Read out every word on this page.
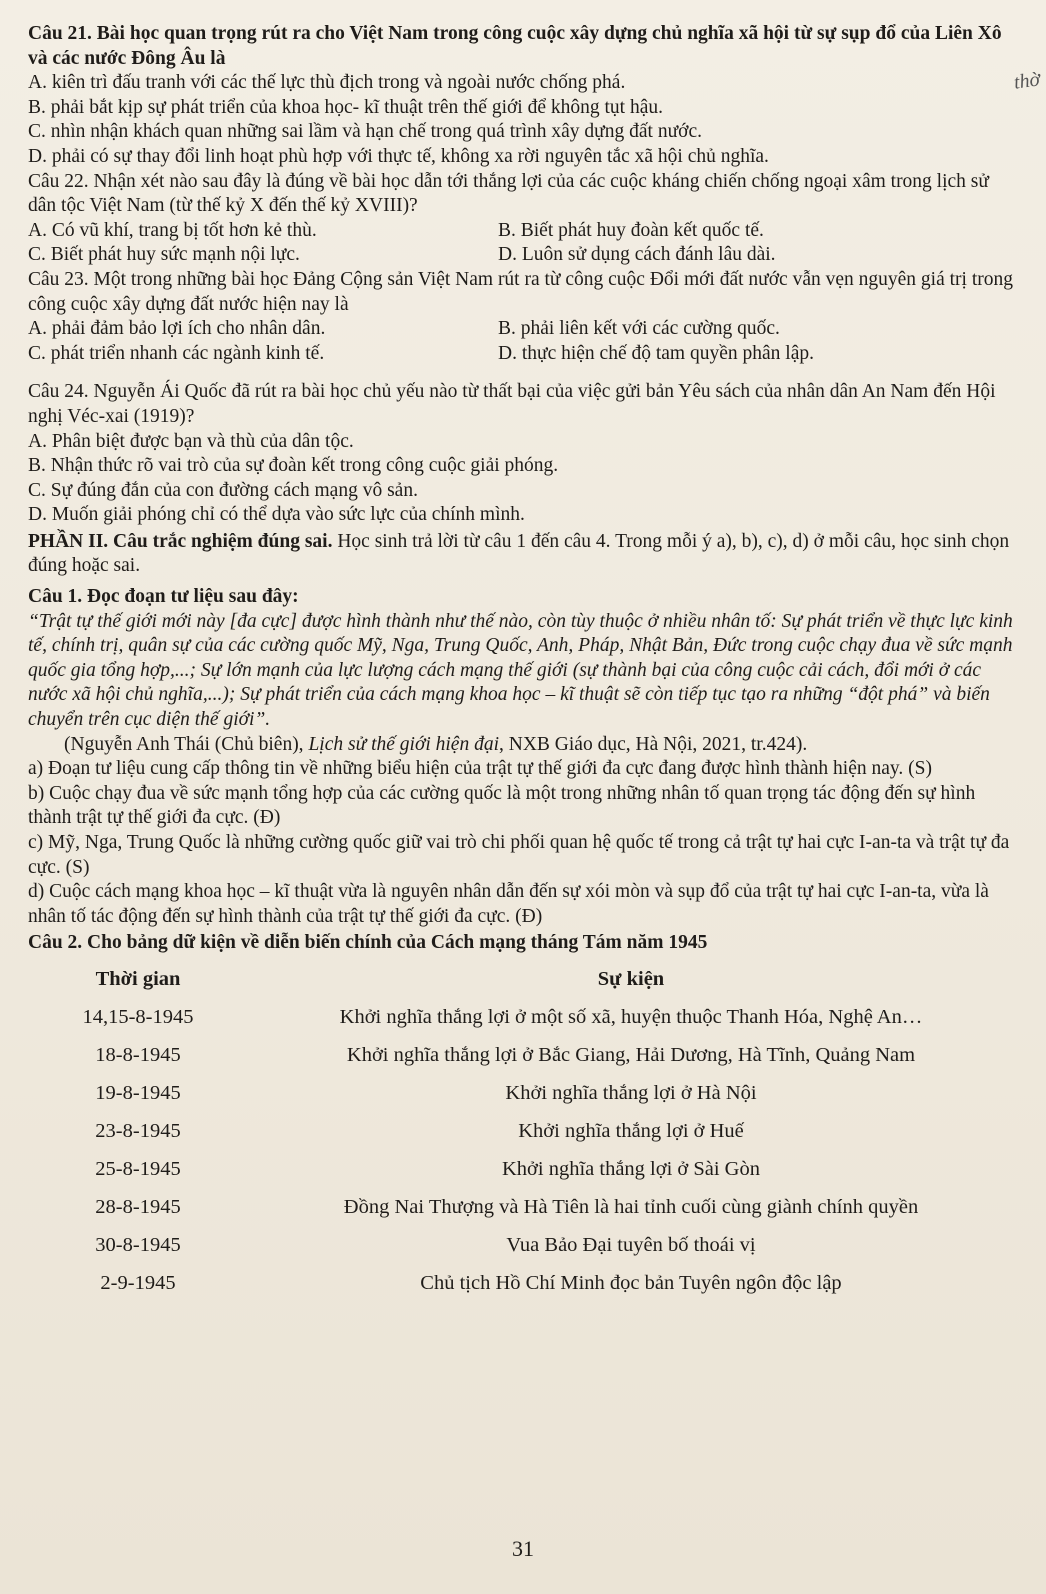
thờ

Câu 21. Bài học quan trọng rút ra cho Việt Nam trong công cuộc xây dựng chủ nghĩa xã hội từ sự sụp đổ của Liên Xô và các nước Đông Âu là

A. kiên trì đấu tranh với các thế lực thù địch trong và ngoài nước chống phá.

B. phải bắt kịp sự phát triển của khoa học- kĩ thuật trên thế giới để không tụt hậu.

C. nhìn nhận khách quan những sai lầm và hạn chế trong quá trình xây dựng đất nước.

D. phải có sự thay đổi linh hoạt phù hợp với thực tế, không xa rời nguyên tắc xã hội chủ nghĩa.

Câu 22. Nhận xét nào sau đây là đúng về bài học dẫn tới thắng lợi của các cuộc kháng chiến chống ngoại xâm trong lịch sử dân tộc Việt Nam (từ thế kỷ X đến thế kỷ XVIII)?

A. Có vũ khí, trang bị tốt hơn kẻ thù.	B. Biết phát huy đoàn kết quốc tế.
C. Biết phát huy sức mạnh nội lực.	D. Luôn sử dụng cách đánh lâu dài.

Câu 23. Một trong những bài học Đảng Cộng sản Việt Nam rút ra từ công cuộc Đổi mới đất nước vẫn vẹn nguyên giá trị trong công cuộc xây dựng đất nước hiện nay là

A. phải đảm bảo lợi ích cho nhân dân.	B. phải liên kết với các cường quốc.
C. phát triển nhanh các ngành kinh tế.	D. thực hiện chế độ tam quyền phân lập.

Câu 24. Nguyễn Ái Quốc đã rút ra bài học chủ yếu nào từ thất bại của việc gửi bản Yêu sách của nhân dân An Nam đến Hội nghị Véc-xai (1919)?

A. Phân biệt được bạn và thù của dân tộc.

B. Nhận thức rõ vai trò của sự đoàn kết trong công cuộc giải phóng.

C. Sự đúng đắn của con đường cách mạng vô sản.

D. Muốn giải phóng chỉ có thể dựa vào sức lực của chính mình.

PHẦN II. Câu trắc nghiệm đúng sai. Học sinh trả lời từ câu 1 đến câu 4. Trong mỗi ý a), b), c), d) ở mỗi câu, học sinh chọn đúng hoặc sai.

Câu 1. Đọc đoạn tư liệu sau đây:

“Trật tự thế giới mới này [đa cực] được hình thành như thế nào, còn tùy thuộc ở nhiều nhân tố: Sự phát triển về thực lực kinh tế, chính trị, quân sự của các cường quốc Mỹ, Nga, Trung Quốc, Anh, Pháp, Nhật Bản, Đức trong cuộc chạy đua về sức mạnh quốc gia tổng hợp,...; Sự lớn mạnh của lực lượng cách mạng thế giới (sự thành bại của công cuộc cải cách, đổi mới ở các nước xã hội chủ nghĩa,...); Sự phát triển của cách mạng khoa học – kĩ thuật sẽ còn tiếp tục tạo ra những “đột phá” và biến chuyển trên cục diện thế giới”.

(Nguyễn Anh Thái (Chủ biên), Lịch sử thế giới hiện đại, NXB Giáo dục, Hà Nội, 2021, tr.424).

a) Đoạn tư liệu cung cấp thông tin về những biểu hiện của trật tự thế giới đa cực đang được hình thành hiện nay. (S)

b) Cuộc chạy đua về sức mạnh tổng hợp của các cường quốc là một trong những nhân tố quan trọng tác động đến sự hình thành trật tự thế giới đa cực. (Đ)

c) Mỹ, Nga, Trung Quốc là những cường quốc giữ vai trò chi phối quan hệ quốc tế trong cả trật tự hai cực I-an-ta và trật tự đa cực. (S)

d) Cuộc cách mạng khoa học – kĩ thuật vừa là nguyên nhân dẫn đến sự xói mòn và sụp đổ của trật tự hai cực I-an-ta, vừa là nhân tố tác động đến sự hình thành của trật tự thế giới đa cực. (Đ)

Câu 2. Cho bảng dữ kiện về diễn biến chính của Cách mạng tháng Tám năm 1945

Thời gian	Sự kiện
14,15-8-1945	Khởi nghĩa thắng lợi ở một số xã, huyện thuộc Thanh Hóa, Nghệ An…
18-8-1945	Khởi nghĩa thắng lợi ở Bắc Giang, Hải Dương, Hà Tĩnh, Quảng Nam
19-8-1945	Khởi nghĩa thắng lợi ở Hà Nội
23-8-1945	Khởi nghĩa thắng lợi ở Huế
25-8-1945	Khởi nghĩa thắng lợi ở Sài Gòn
28-8-1945	Đồng Nai Thượng và Hà Tiên là hai tỉnh cuối cùng giành chính quyền
30-8-1945	Vua Bảo Đại tuyên bố thoái vị
2-9-1945	Chủ tịch Hồ Chí Minh đọc bản Tuyên ngôn độc lập
31
